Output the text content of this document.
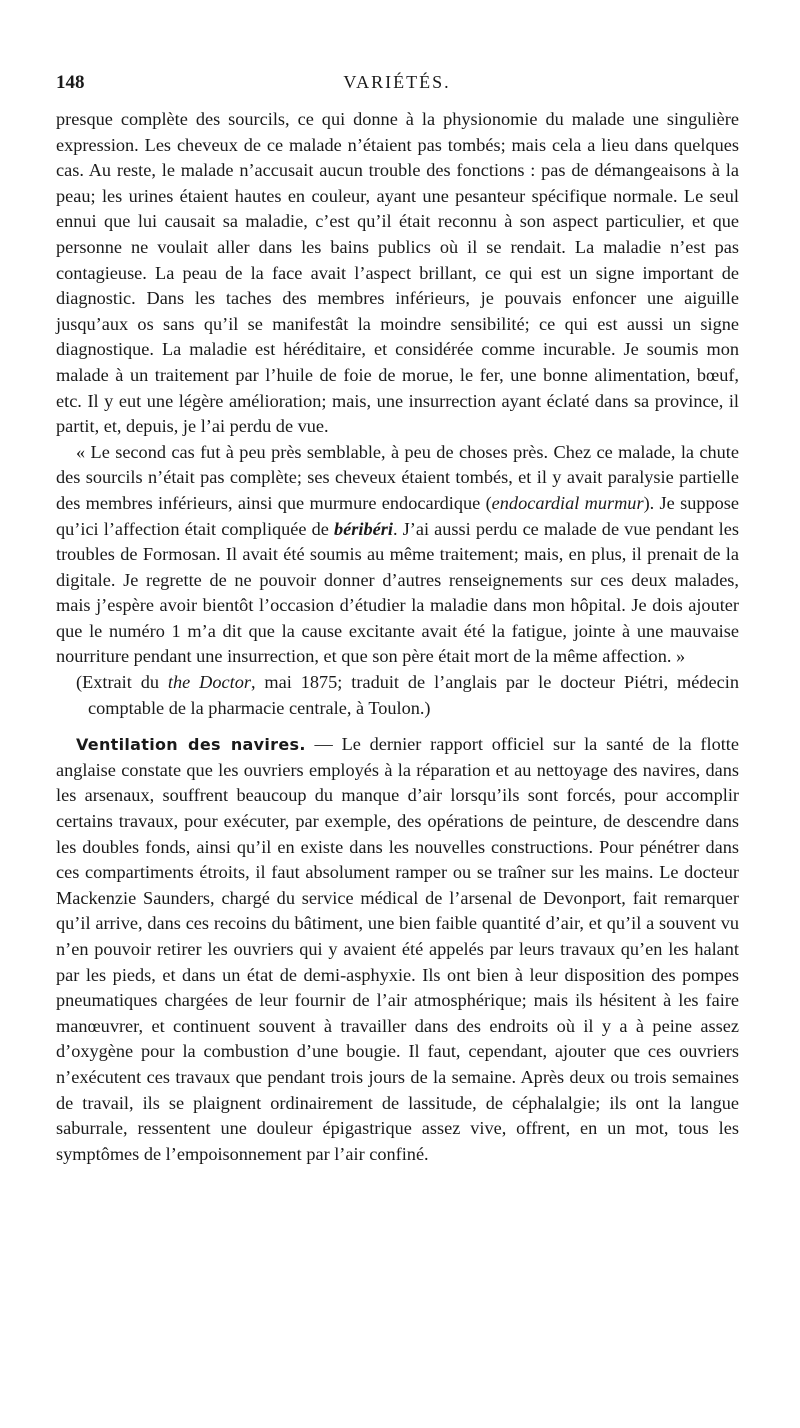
148	VARIÉTÉS.

presque complète des sourcils, ce qui donne à la physionomie du malade une singulière expression. Les cheveux de ce malade n’étaient pas tombés; mais cela a lieu dans quelques cas. Au reste, le malade n’accusait aucun trouble des fonctions : pas de démangeaisons à la peau; les urines étaient hautes en couleur, ayant une pesanteur spécifique normale. Le seul ennui que lui causait sa maladie, c’est qu’il était reconnu à son aspect particulier, et que personne ne voulait aller dans les bains publics où il se rendait. La maladie n’est pas contagieuse. La peau de la face avait l’aspect brillant, ce qui est un signe important de diagnostic. Dans les taches des membres inférieurs, je pouvais enfoncer une aiguille jusqu’aux os sans qu’il se manifestât la moindre sensibilité; ce qui est aussi un signe diagnostique. La maladie est héréditaire, et considérée comme incurable. Je soumis mon malade à un traitement par l’huile de foie de morue, le fer, une bonne alimentation, bœuf, etc. Il y eut une légère amélioration; mais, une insurrection ayant éclaté dans sa province, il partit, et, depuis, je l’ai perdu de vue.

« Le second cas fut à peu près semblable, à peu de choses près. Chez ce malade, la chute des sourcils n’était pas complète; ses cheveux étaient tombés, et il y avait paralysie partielle des membres inférieurs, ainsi que murmure endocardique (endocardial murmur). Je suppose qu’ici l’affection était compliquée de béribéri. J’ai aussi perdu ce malade de vue pendant les troubles de Formosan. Il avait été soumis au même traitement; mais, en plus, il prenait de la digitale. Je regrette de ne pouvoir donner d’autres renseignements sur ces deux malades, mais j’espère avoir bientôt l’occasion d’étudier la maladie dans mon hôpital. Je dois ajouter que le numéro 1 m’a dit que la cause excitante avait été la fatigue, jointe à une mauvaise nourriture pendant une insurrection, et que son père était mort de la même affection. »

(Extrait du the Doctor, mai 1875; traduit de l’anglais par le docteur Piétri, médecin comptable de la pharmacie centrale, à Toulon.)

Ventilation des navires. — Le dernier rapport officiel sur la santé de la flotte anglaise constate que les ouvriers employés à la réparation et au nettoyage des navires, dans les arsenaux, souffrent beaucoup du manque d’air lorsqu’ils sont forcés, pour accomplir certains travaux, pour exécuter, par exemple, des opérations de peinture, de descendre dans les doubles fonds, ainsi qu’il en existe dans les nouvelles constructions. Pour pénétrer dans ces compartiments étroits, il faut absolument ramper ou se traîner sur les mains. Le docteur Mackenzie Saunders, chargé du service médical de l’arsenal de Devonport, fait remarquer qu’il arrive, dans ces recoins du bâtiment, une bien faible quantité d’air, et qu’il a souvent vu n’en pouvoir retirer les ouvriers qui y avaient été appelés par leurs travaux qu’en les halant par les pieds, et dans un état de demi-asphyxie. Ils ont bien à leur disposition des pompes pneumatiques chargées de leur fournir de l’air atmosphérique; mais ils hésitent à les faire manœuvrer, et continuent souvent à travailler dans des endroits où il y a à peine assez d’oxygène pour la combustion d’une bougie. Il faut, cependant, ajouter que ces ouvriers n’exécutent ces travaux que pendant trois jours de la semaine. Après deux ou trois semaines de travail, ils se plaignent ordinairement de lassitude, de céphalalgie; ils ont la langue saburrale, ressentent une douleur épigastrique assez vive, offrent, en un mot, tous les symptômes de l’empoisonnement par l’air confiné.
